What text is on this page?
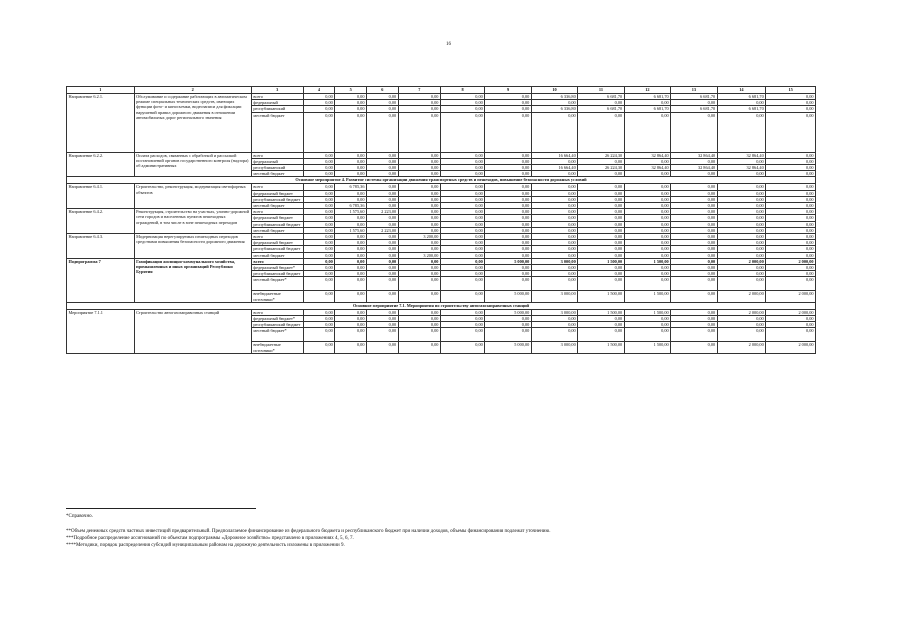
16
1	2	3	4	5	6	7	8	9	10	11	12	13	14	15
Направление 6.2.1.	Обслуживание и содержание работающих в автоматическом режиме специальных технических средств, имеющих функции фото- и киносъемки, видеозаписи для фиксации нарушений правил дорожного движения в отношении автомобильных дорог регионального значения	всего	0,00	0,00	0,00	0,00	0,00	0,00	6 336,80	6 681,70	6 681,70	6 681,70	6 681,70	0,00
		федеральный	0,00	0,00	0,00	0,00	0,00	0,00	0,00	0,00	0,00	0,00	0,00	0,00
		республиканский	0,00	0,00	0,00	0,00	0,00	0,00	6 336,80	6 681,70	6 681,70	6 681,70	6 681,70	0,00
		местный бюджет	0,00	0,00	0,00	0,00	0,00	0,00	0,00	0,00	0,00	0,00	0,00	0,00
Направление 6.2.2.	Оплата расходов, связанных с обработкой и рассылкой постановлений органов государственного контроля (надзора) об административных	всего	0,00	0,00	0,00	0,00	0,00	0,00	16 664,40	26 224,30	32 864,40	32 864,40	32 864,40	0,00
		федеральный	0,00	0,00	0,00	0,00	0,00	0,00	0,00	0,00	0,00	0,00	0,00	0,00
		республиканский	0,00	0,00	0,00	0,00	0,00	0,00	16 664,40	26 224,30	32 864,40	32 864,40	32 864,40	0,00
		местный бюджет	0,00	0,00	0,00	0,00	0,00	0,00	0,00	0,00	0,00	0,00	0,00	0,00
Основное мероприятие 4. Развитие системы организации движения транспортных средств и пешеходов, повышение безопасности дорожных условий														
Направление 6.4.1.	Строительство, реконструкция, модернизация светофорных объектов	всего	0,00	6 785,36	0,00	0,00	0,00	0,00	0,00	0,00	0,00	0,00	0,00	0,00
		федеральный бюджет	0,00	0,00	0,00	0,00	0,00	0,00	0,00	0,00	0,00	0,00	0,00	0,00
		республиканский бюджет	0,00	0,00	0,00	0,00	0,00	0,00	0,00	0,00	0,00	0,00	0,00	0,00
		местный бюджет	0,00	6 785,36	0,00	0,00	0,00	0,00	0,00	0,00	0,00	0,00	0,00	0,00
Направление 6.4.2.	Реконструкция, строительство на участках, улично-дорожной сети городов и населенных пунктов пешеходных ограждений, в том числе в зоне пешеходных переходов	всего	0,00	1 575,60	2 223,00	0,00	0,00	0,00	0,00	0,00	0,00	0,00	0,00	0,00
		федеральный бюджет	0,00	0,00	0,00	0,00	0,00	0,00	0,00	0,00	0,00	0,00	0,00	0,00
		республиканский бюджет	0,00	0,00	0,00	0,00	0,00	0,00	0,00	0,00	0,00	0,00	0,00	0,00
		местный бюджет	0,00	1 575,60	2 223,00	0,00	0,00	0,00	0,00	0,00	0,00	0,00	0,00	0,00
Направление 6.4.3.	Модернизация нерегулируемых пешеходных переходов средствами повышения безопасности дорожного движения	всего	0,00	0,00	0,00	3 200,00	0,00	0,00	0,00	0,00	0,00	0,00	0,00	0,00
		федеральный бюджет	0,00	0,00	0,00	0,00	0,00	0,00	0,00	0,00	0,00	0,00	0,00	0,00
		республиканский бюджет	0,00	0,00	0,00	0,00	0,00	0,00	0,00	0,00	0,00	0,00	0,00	0,00
		местный бюджет	0,00	0,00	0,00	3 200,00	0,00	0,00	0,00	0,00	0,00	0,00	0,00	0,00
Подпрограмма 7	Газификация жилищно-коммунального хозяйства, промышленных и иных организаций Республики Бурятия	всего	0,00	0,00	0,00	0,00	0,00	5 000,00	3 000,00	1 500,00	1 500,00	0,00	2 000,00	2 000,00
		федеральный бюджет*	0,00	0,00	0,00	0,00	0,00	0,00	0,00	0,00	0,00	0,00	0,00	0,00
		республиканский бюджет	0,00	0,00	0,00	0,00	0,00	0,00	0,00	0,00	0,00	0,00	0,00	0,00
		местный бюджет*	0,00	0,00	0,00	0,00	0,00	0,00	0,00	0,00	0,00	0,00	0,00	0,00
		внебюджетные источники*	0,00	0,00	0,00	0,00	0,00	5 000,00	3 000,00	1 500,00	1 500,00	0,00	2 000,00	2 000,00
Основное мероприятие 7.1. Мероприятия по строительству автогазозаправочных станций														
Мероприятие 7.1.1	Строительство автогазозаправочных станций	всего	0,00	0,00	0,00	0,00	0,00	5 000,00	3 000,00	1 500,00	1 500,00	0,00	2 000,00	2 000,00
		федеральный бюджет*	0,00	0,00	0,00	0,00	0,00	0,00	0,00	0,00	0,00	0,00	0,00	0,00
		республиканский бюджет	0,00	0,00	0,00	0,00	0,00	0,00	0,00	0,00	0,00	0,00	0,00	0,00
		местный бюджет*	0,00	0,00	0,00	0,00	0,00	0,00	0,00	0,00	0,00	0,00	0,00	0,00
		внебюджетные источники*	0,00	0,00	0,00	0,00	0,00	5 000,00	3 000,00	1 500,00	1 500,00	0,00	2 000,00	2 000,00
*Справочно.
**Объем денежных средств частных инвестиций предварительный. Предполагаемое финансирование из федерального бюджета и республиканского бюджет при наличии доходов, объемы финансирования подлежат уточнению.
***Подробное распределение ассигнований по объектам подпрограммы «Дорожное хозяйство» представлено в приложениях 4, 5, 6, 7.
****Методики, порядок распределения субсидий муниципальным районам на дорожную деятельность изложены в приложении 9.
